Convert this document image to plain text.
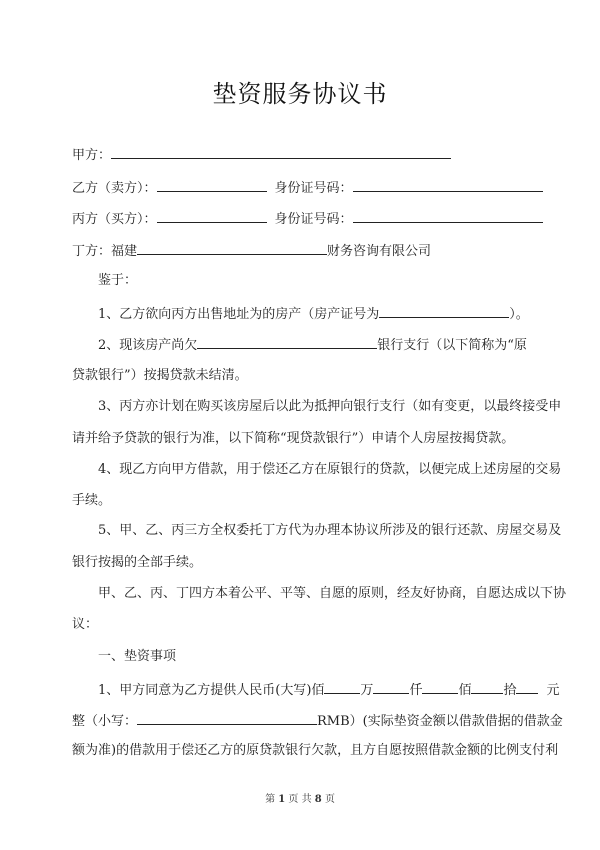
垫资服务协议书
甲方：
乙方（卖方）：	身份证号码：
丙方（买方）：	身份证号码：
丁方：福建	财务咨询有限公司
鉴于：
1、乙方欲向丙方出售地址为的房产（房产证号为	）。
2、现该房产尚欠	银行支行（以下简称为“原
贷款银行”）按揭贷款未结清。
3、丙方亦计划在购买该房屋后以此为抵押向银行支行（如有变更，以最终接受申
请并给予贷款的银行为准，以下简称“现贷款银行”）申请个人房屋按揭贷款。
4、现乙方向甲方借款，用于偿还乙方在原银行的贷款，以便完成上述房屋的交易
手续。
5、甲、乙、丙三方全权委托丁方代为办理本协议所涉及的银行还款、房屋交易及
银行按揭的全部手续。
甲、乙、丙、丁四方本着公平、平等、自愿的原则，经友好协商，自愿达成以下协
议：
一、垫资事项
1、甲方同意为乙方提供人民币(大写)佰	万	仟	佰 拾 元
整（小写：	RMB）(实际垫资金额以借款借据的借款金
额为准)的借款用于偿还乙方的原贷款银行欠款，且方自愿按照借款金额的比例支付利
第 1 页 共 8 页
